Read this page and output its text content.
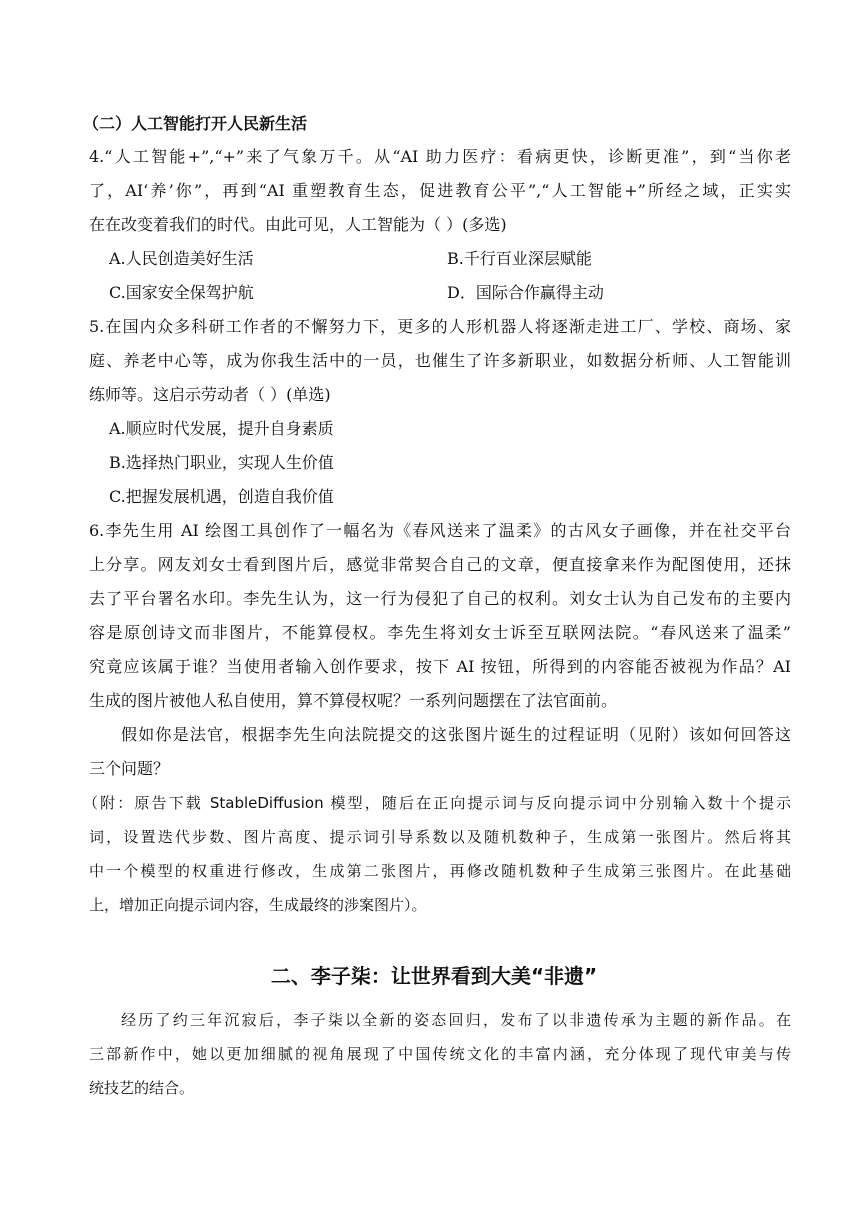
（二）人工智能打开人民新生活
4.“人工智能+”,“+”来了气象万千。从“AI 助力医疗：看病更快，诊断更准”，到“当你老
了，AI‘养’你”，再到“AI 重塑教育生态，促进教育公平”,“人工智能+”所经之域，正实实
在在改变着我们的时代。由此可见，人工智能为（ ）(多选)
A.人民创造美好生活	B.千行百业深层赋能
C.国家安全保驾护航	D．国际合作赢得主动
5.在国内众多科研工作者的不懈努力下，更多的人形机器人将逐渐走进工厂、学校、商场、家
庭、养老中心等，成为你我生活中的一员，也催生了许多新职业，如数据分析师、人工智能训
练师等。这启示劳动者（ ）(单选)
A.顺应时代发展，提升自身素质
B.选择热门职业，实现人生价值
C.把握发展机遇，创造自我价值
6.李先生用 AI 绘图工具创作了一幅名为《春风送来了温柔》的古风女子画像，并在社交平台
上分享。网友刘女士看到图片后，感觉非常契合自己的文章，便直接拿来作为配图使用，还抹
去了平台署名水印。李先生认为，这一行为侵犯了自己的权利。刘女士认为自己发布的主要内
容是原创诗文而非图片，不能算侵权。李先生将刘女士诉至互联网法院。“春风送来了温柔”
究竟应该属于谁？当使用者输入创作要求，按下 AI 按钮，所得到的内容能否被视为作品？AI
生成的图片被他人私自使用，算不算侵权呢？一系列问题摆在了法官面前。
假如你是法官，根据李先生向法院提交的这张图片诞生的过程证明（见附）该如何回答这
三个问题？
（附：原告下载 StableDiffusion 模型，随后在正向提示词与反向提示词中分别输入数十个提示
词，设置迭代步数、图片高度、提示词引导系数以及随机数种子，生成第一张图片。然后将其
中一个模型的权重进行修改，生成第二张图片，再修改随机数种子生成第三张图片。在此基础
上，增加正向提示词内容，生成最终的涉案图片）。
二、李子柒：让世界看到大美“非遗”
经历了约三年沉寂后，李子柒以全新的姿态回归，发布了以非遗传承为主题的新作品。在
三部新作中，她以更加细腻的视角展现了中国传统文化的丰富内涵，充分体现了现代审美与传
统技艺的结合。
